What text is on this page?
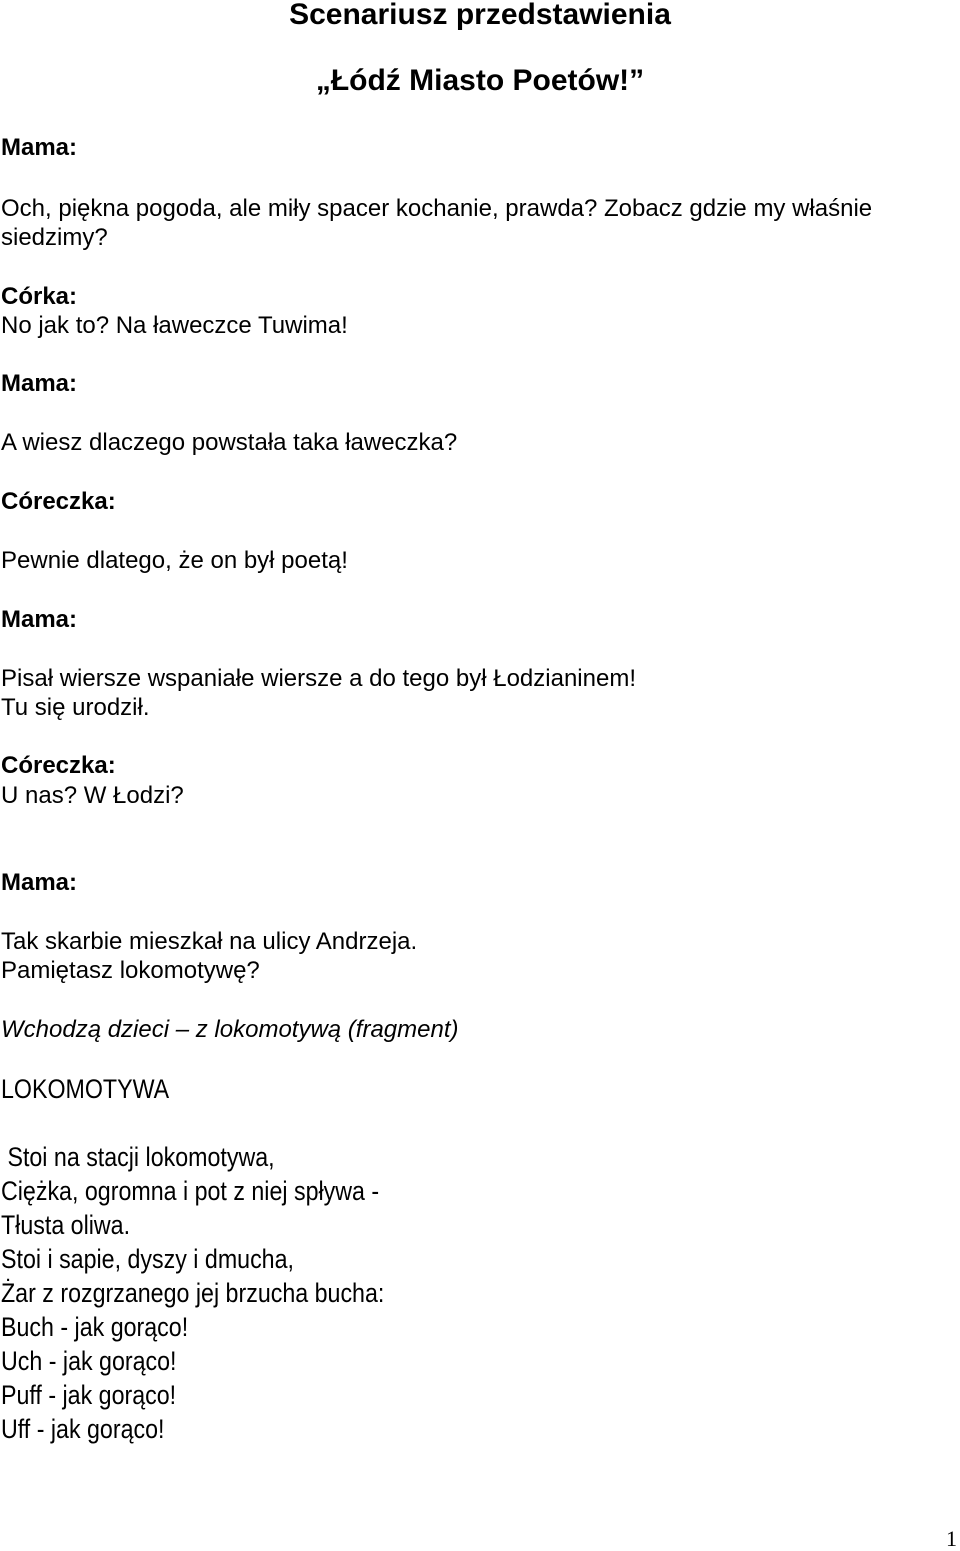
Scenariusz przedstawienia
„Łódź Miasto Poetów!”
Mama:
Och, piękna pogoda, ale miły spacer kochanie, prawda? Zobacz gdzie my właśnie
siedzimy?
Córka:
No jak to? Na ławeczce Tuwima!
Mama:
A wiesz dlaczego powstała taka ławeczka?
Córeczka:
Pewnie dlatego, że on był poetą!
Mama:
Pisał wiersze wspaniałe wiersze a do tego był Łodzianinem!
Tu się urodził.
Córeczka:
U nas? W Łodzi?
Mama:
Tak skarbie mieszkał na ulicy Andrzeja.
Pamiętasz lokomotywę?
Wchodzą dzieci – z lokomotywą (fragment)
LOKOMOTYWA
Stoi na stacji lokomotywa,
Ciężka, ogromna i pot z niej spływa -
Tłusta oliwa.
Stoi i sapie, dyszy i dmucha,
Żar z rozgrzanego jej brzucha bucha:
Buch - jak gorąco!
Uch - jak gorąco!
Puff - jak gorąco!
Uff - jak gorąco!
1
